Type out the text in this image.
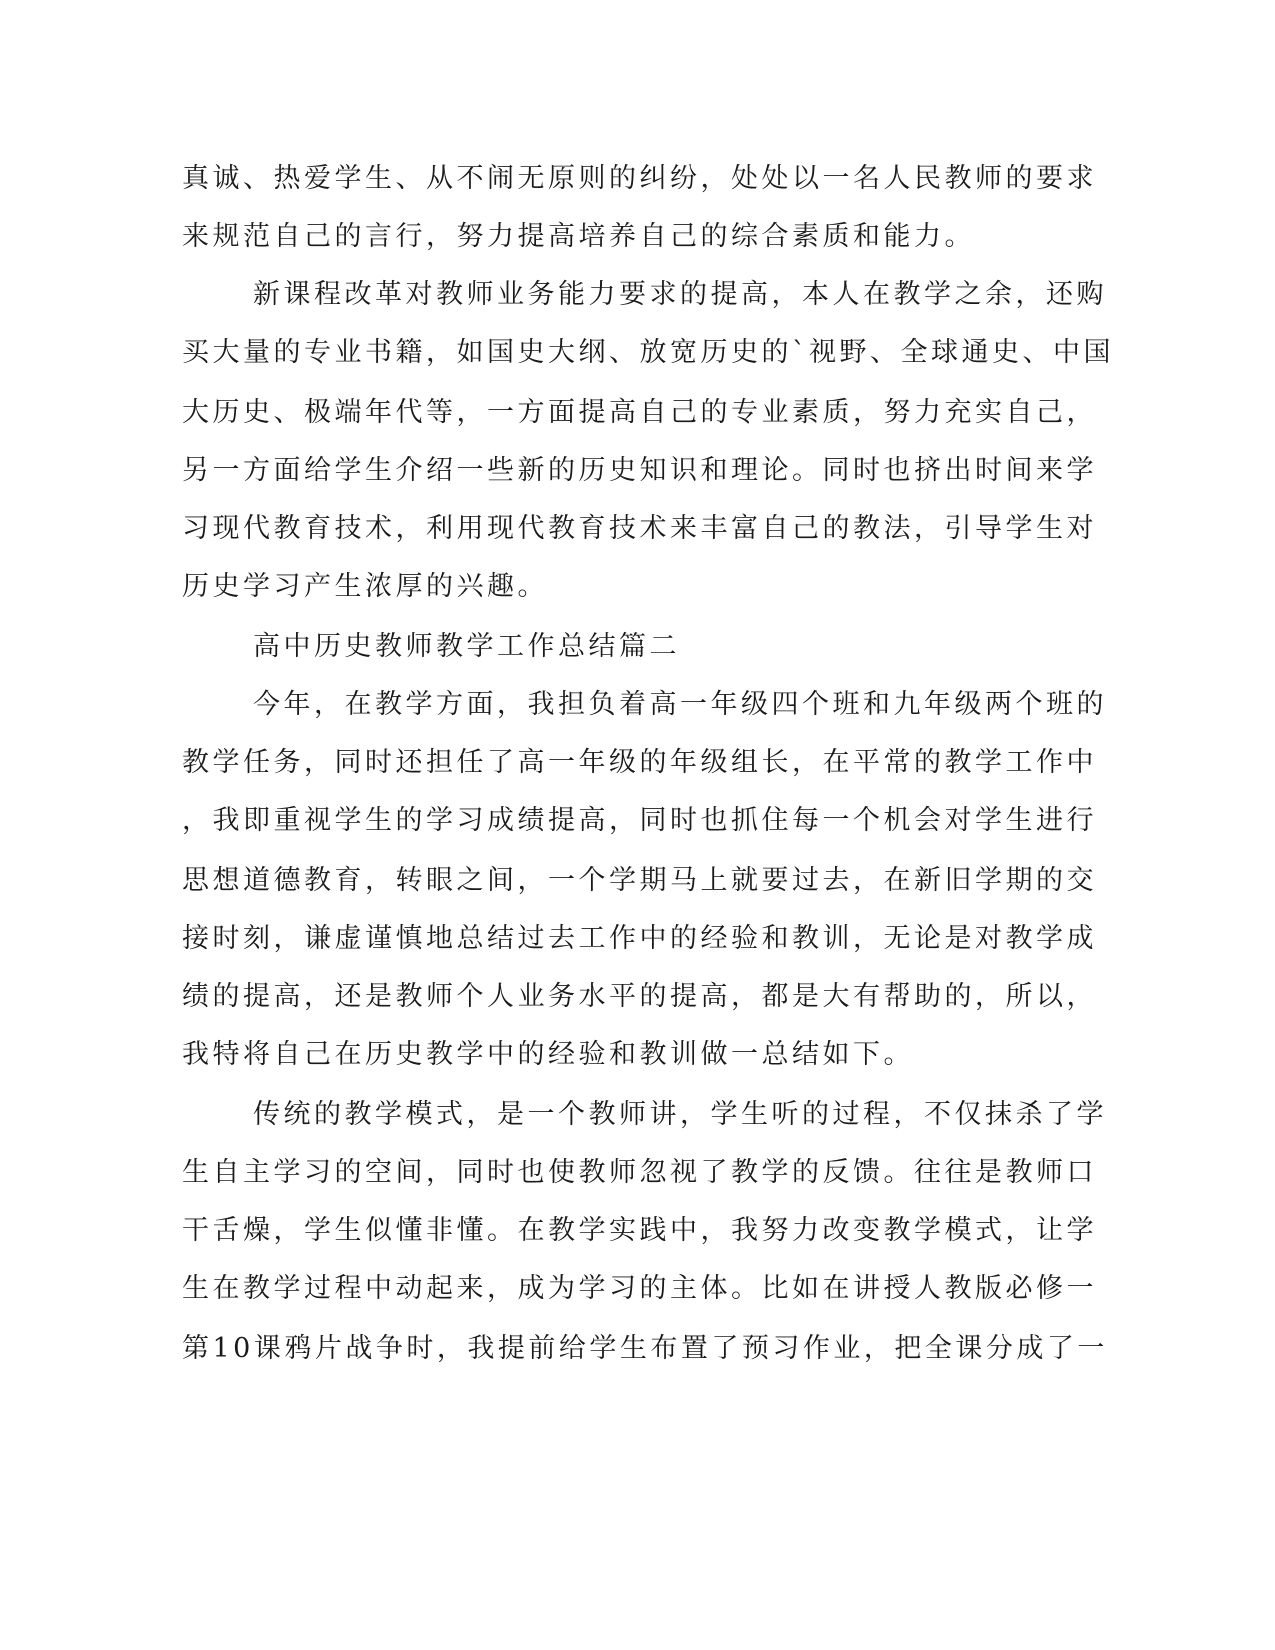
真诚、热爱学生、从不闹无原则的纠纷，处处以一名人民教师的要求
来规范自己的言行，努力提高培养自己的综合素质和能力。
新课程改革对教师业务能力要求的提高，本人在教学之余，还购
买大量的专业书籍，如国史大纲、放宽历史的`视野、全球通史、中国
大历史、极端年代等，一方面提高自己的专业素质，努力充实自己，
另一方面给学生介绍一些新的历史知识和理论。同时也挤出时间来学
习现代教育技术，利用现代教育技术来丰富自己的教法，引导学生对
历史学习产生浓厚的兴趣。
高中历史教师教学工作总结篇二
今年，在教学方面，我担负着高一年级四个班和九年级两个班的
教学任务，同时还担任了高一年级的年级组长，在平常的教学工作中
，我即重视学生的学习成绩提高，同时也抓住每一个机会对学生进行
思想道德教育，转眼之间，一个学期马上就要过去，在新旧学期的交
接时刻，谦虚谨慎地总结过去工作中的经验和教训，无论是对教学成
绩的提高，还是教师个人业务水平的提高，都是大有帮助的，所以，
我特将自己在历史教学中的经验和教训做一总结如下。
传统的教学模式，是一个教师讲，学生听的过程，不仅抹杀了学
生自主学习的空间，同时也使教师忽视了教学的反馈。往往是教师口
干舌燥，学生似懂非懂。在教学实践中，我努力改变教学模式，让学
生在教学过程中动起来，成为学习的主体。比如在讲授人教版必修一
第10课鸦片战争时，我提前给学生布置了预习作业，把全课分成了一
